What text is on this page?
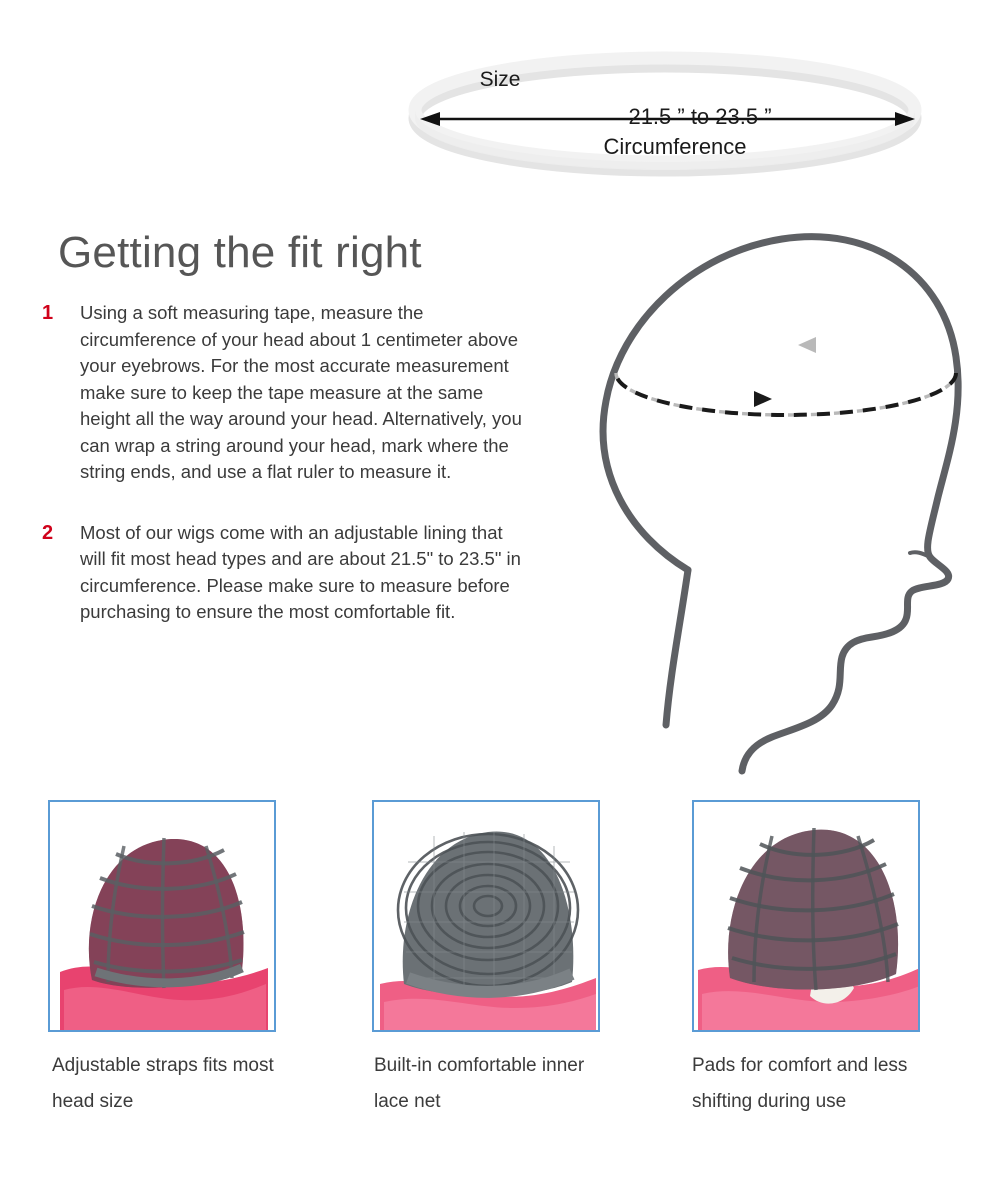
Size
21.5 ” to 23.5 ”
Circumference
Getting the fit right
1 Using a soft measuring tape, measure the circumference of your head about 1 centimeter above your eyebrows. For the most accurate measurement make sure to keep the tape measure at the same height all the way around your head. Alternatively, you can wrap a string around your head, mark where the string ends, and use a flat ruler to measure it.
2 Most of our wigs come with an adjustable lining that will fit most head types and are about 21.5" to 23.5" in circumference. Please make sure to measure before purchasing to ensure the most comfortable fit.
Adjustable straps fits most head size
Built-in comfortable inner lace net
Pads for comfort and less shifting during use
